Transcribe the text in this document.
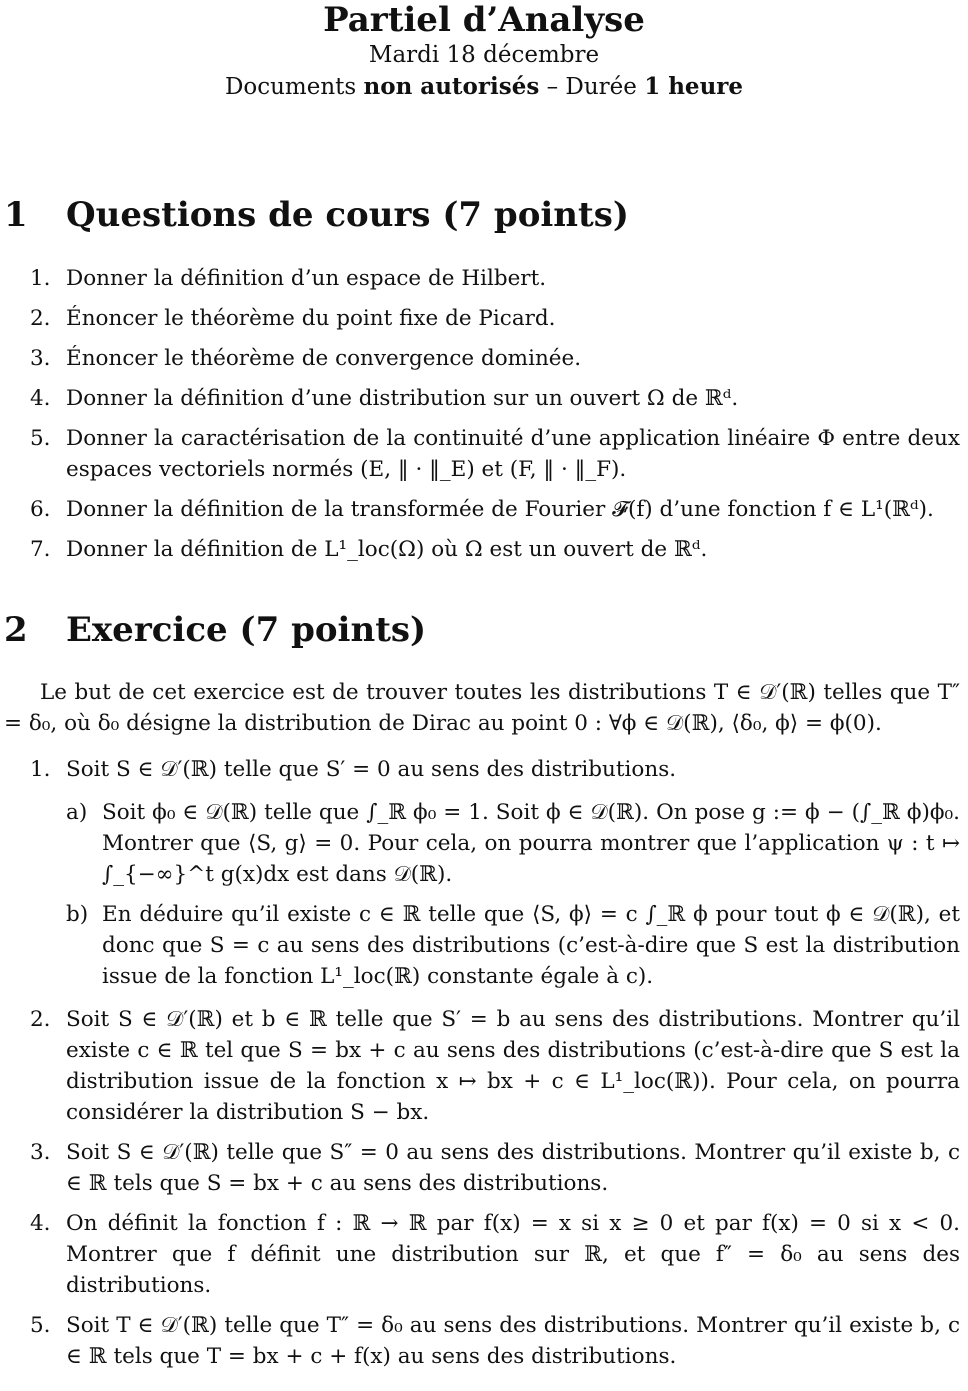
Partiel d’Analyse
Mardi 18 décembre
Documents non autorisés – Durée 1 heure
1 Questions de cours (7 points)
1. Donner la définition d’un espace de Hilbert.
2. Énoncer le théorème du point fixe de Picard.
3. Énoncer le théorème de convergence dominée.
4. Donner la définition d’une distribution sur un ouvert Ω de ℝᵈ.
5. Donner la caractérisation de la continuité d’une application linéaire Φ entre deux espaces vectoriels normés (E, ‖ · ‖_E) et (F, ‖ · ‖_F).
6. Donner la définition de la transformée de Fourier 𝓕(f) d’une fonction f ∈ L¹(ℝᵈ).
7. Donner la définition de L¹_loc(Ω) où Ω est un ouvert de ℝᵈ.
2 Exercice (7 points)
Le but de cet exercice est de trouver toutes les distributions T ∈ 𝒟′(ℝ) telles que T″ = δ₀, où δ₀ désigne la distribution de Dirac au point 0 : ∀ϕ ∈ 𝒟(ℝ), ⟨δ₀, ϕ⟩ = ϕ(0).
1. Soit S ∈ 𝒟′(ℝ) telle que S′ = 0 au sens des distributions.
a) Soit ϕ₀ ∈ 𝒟(ℝ) telle que ∫_ℝ ϕ₀ = 1. Soit ϕ ∈ 𝒟(ℝ). On pose g := ϕ − (∫_ℝ ϕ)ϕ₀. Montrer que ⟨S, g⟩ = 0. Pour cela, on pourra montrer que l’application ψ : t ↦ ∫_{−∞}^t g(x)dx est dans 𝒟(ℝ).
b) En déduire qu’il existe c ∈ ℝ telle que ⟨S, ϕ⟩ = c ∫_ℝ ϕ pour tout ϕ ∈ 𝒟(ℝ), et donc que S = c au sens des distributions (c’est-à-dire que S est la distribution issue de la fonction L¹_loc(ℝ) constante égale à c).
2. Soit S ∈ 𝒟′(ℝ) et b ∈ ℝ telle que S′ = b au sens des distributions. Montrer qu’il existe c ∈ ℝ tel que S = bx + c au sens des distributions (c’est-à-dire que S est la distribution issue de la fonction x ↦ bx + c ∈ L¹_loc(ℝ)). Pour cela, on pourra considérer la distribution S − bx.
3. Soit S ∈ 𝒟′(ℝ) telle que S″ = 0 au sens des distributions. Montrer qu’il existe b, c ∈ ℝ tels que S = bx + c au sens des distributions.
4. On définit la fonction f : ℝ → ℝ par f(x) = x si x ≥ 0 et par f(x) = 0 si x < 0. Montrer que f définit une distribution sur ℝ, et que f″ = δ₀ au sens des distributions.
5. Soit T ∈ 𝒟′(ℝ) telle que T″ = δ₀ au sens des distributions. Montrer qu’il existe b, c ∈ ℝ tels que T = bx + c + f(x) au sens des distributions.
